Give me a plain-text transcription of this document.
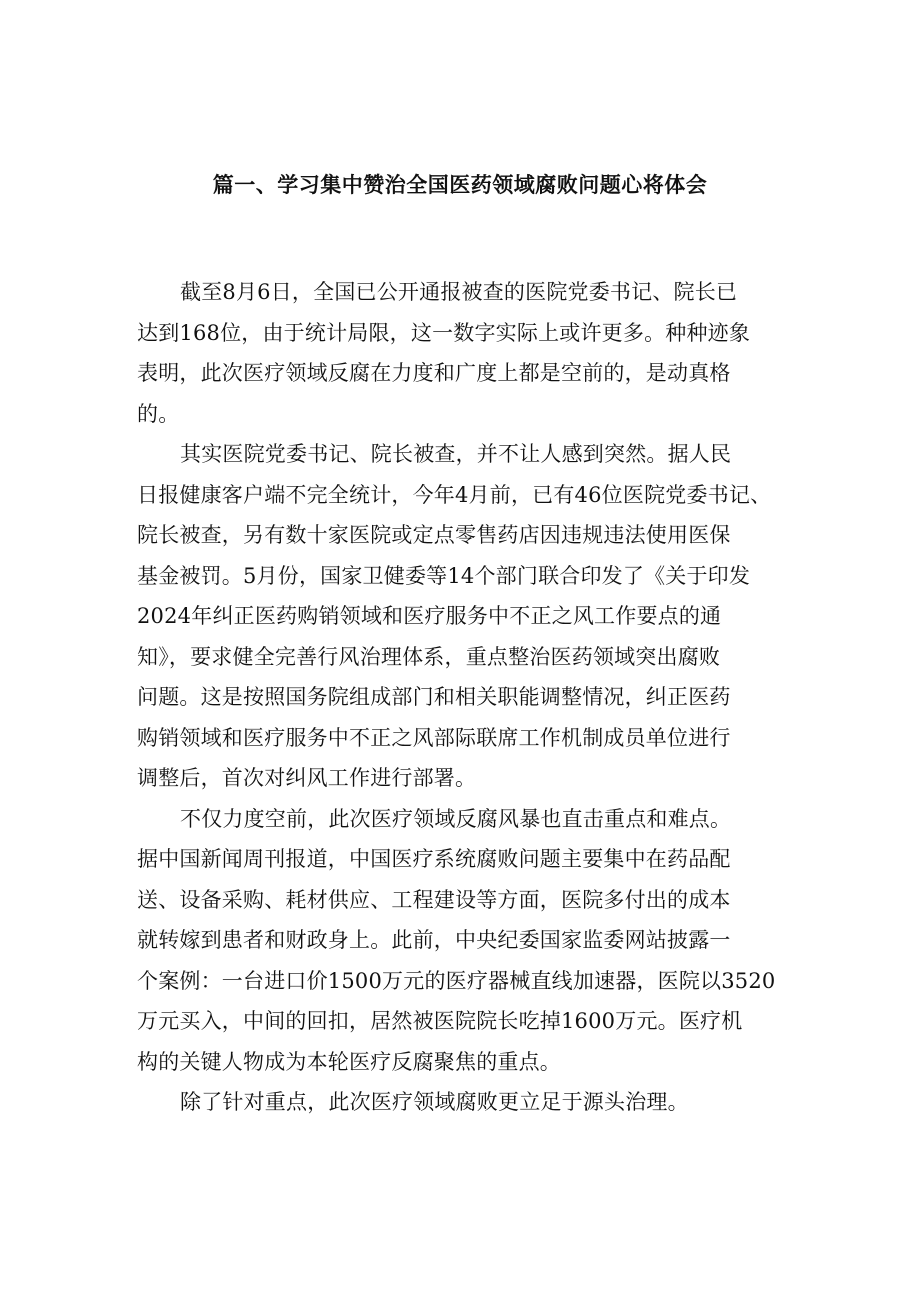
篇一、学习集中赞治全国医药领域腐败问题心将体会

截至8月6日，全国已公开通报被查的医院党委书记、院长已
达到168位，由于统计局限，这一数字实际上或许更多。种种迹象
表明，此次医疗领域反腐在力度和广度上都是空前的，是动真格
的。

其实医院党委书记、院长被查，并不让人感到突然。据人民
日报健康客户端不完全统计，今年4月前，已有46位医院党委书记、
院长被查，另有数十家医院或定点零售药店因违规违法使用医保
基金被罚。5月份，国家卫健委等14个部门联合印发了《关于印发
2024年纠正医药购销领域和医疗服务中不正之风工作要点的通
知》，要求健全完善行风治理体系，重点整治医药领域突出腐败
问题。这是按照国务院组成部门和相关职能调整情况，纠正医药
购销领域和医疗服务中不正之风部际联席工作机制成员单位进行
调整后，首次对纠风工作进行部署。

不仅力度空前，此次医疗领域反腐风暴也直击重点和难点。
据中国新闻周刊报道，中国医疗系统腐败问题主要集中在药品配
送、设备采购、耗材供应、工程建设等方面，医院多付出的成本
就转嫁到患者和财政身上。此前，中央纪委国家监委网站披露一
个案例：一台进口价1500万元的医疗器械直线加速器，医院以3520
万元买入，中间的回扣，居然被医院院长吃掉1600万元。医疗机
构的关键人物成为本轮医疗反腐聚焦的重点。

除了针对重点，此次医疗领域腐败更立足于源头治理。
